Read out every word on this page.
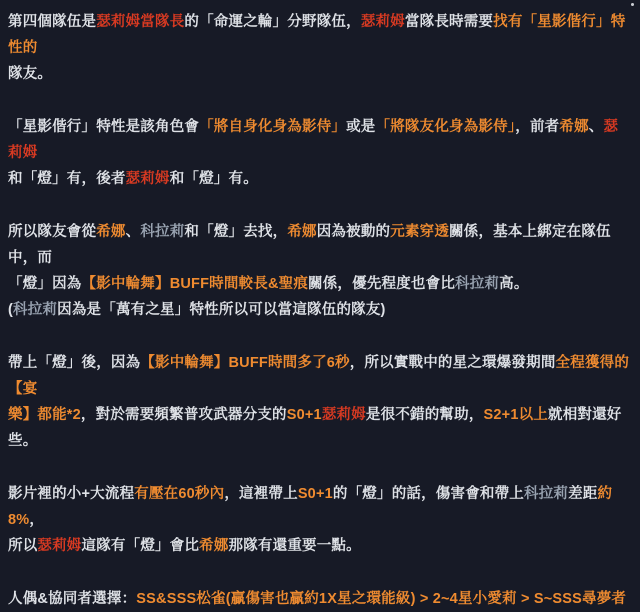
第四個隊伍是瑟莉姆當隊長的「命運之輪」分野隊伍，瑟莉姆當隊長時需要找有「星影偕行」特性的
隊友。
「星影偕行」特性是該角色會「將自身化身為影侍」或是「將隊友化身為影侍」，前者希娜、瑟莉姆
和「燈」有，後者瑟莉姆和「燈」有。
所以隊友會從希娜、科拉莉和「燈」去找，希娜因為被動的元素穿透關係，基本上綁定在隊伍中，而
「燈」因為【影中輪舞】BUFF時間較長&聖痕關係，優先程度也會比科拉莉高。
(科拉莉因為是「萬有之星」特性所以可以當這隊伍的隊友)
帶上「燈」後，因為【影中輪舞】BUFF時間多了6秒，所以實戰中的星之環爆發期間全程獲得的【宴
樂】都能*2，對於需要頻繁普攻武器分支的S0+1瑟莉姆是很不錯的幫助，S2+1以上就相對還好些。
影片裡的小+大流程有壓在60秒內，這裡帶上S0+1的「燈」的話，傷害會和帶上科拉莉差距約8%，
所以瑟莉姆這隊有「燈」會比希娜那隊有還重要一點。
人偶&協同者選擇：SS&SSS松雀(贏傷害也贏約1X星之環能級) > 2~4星小愛莉 > S~SSS尋夢者
